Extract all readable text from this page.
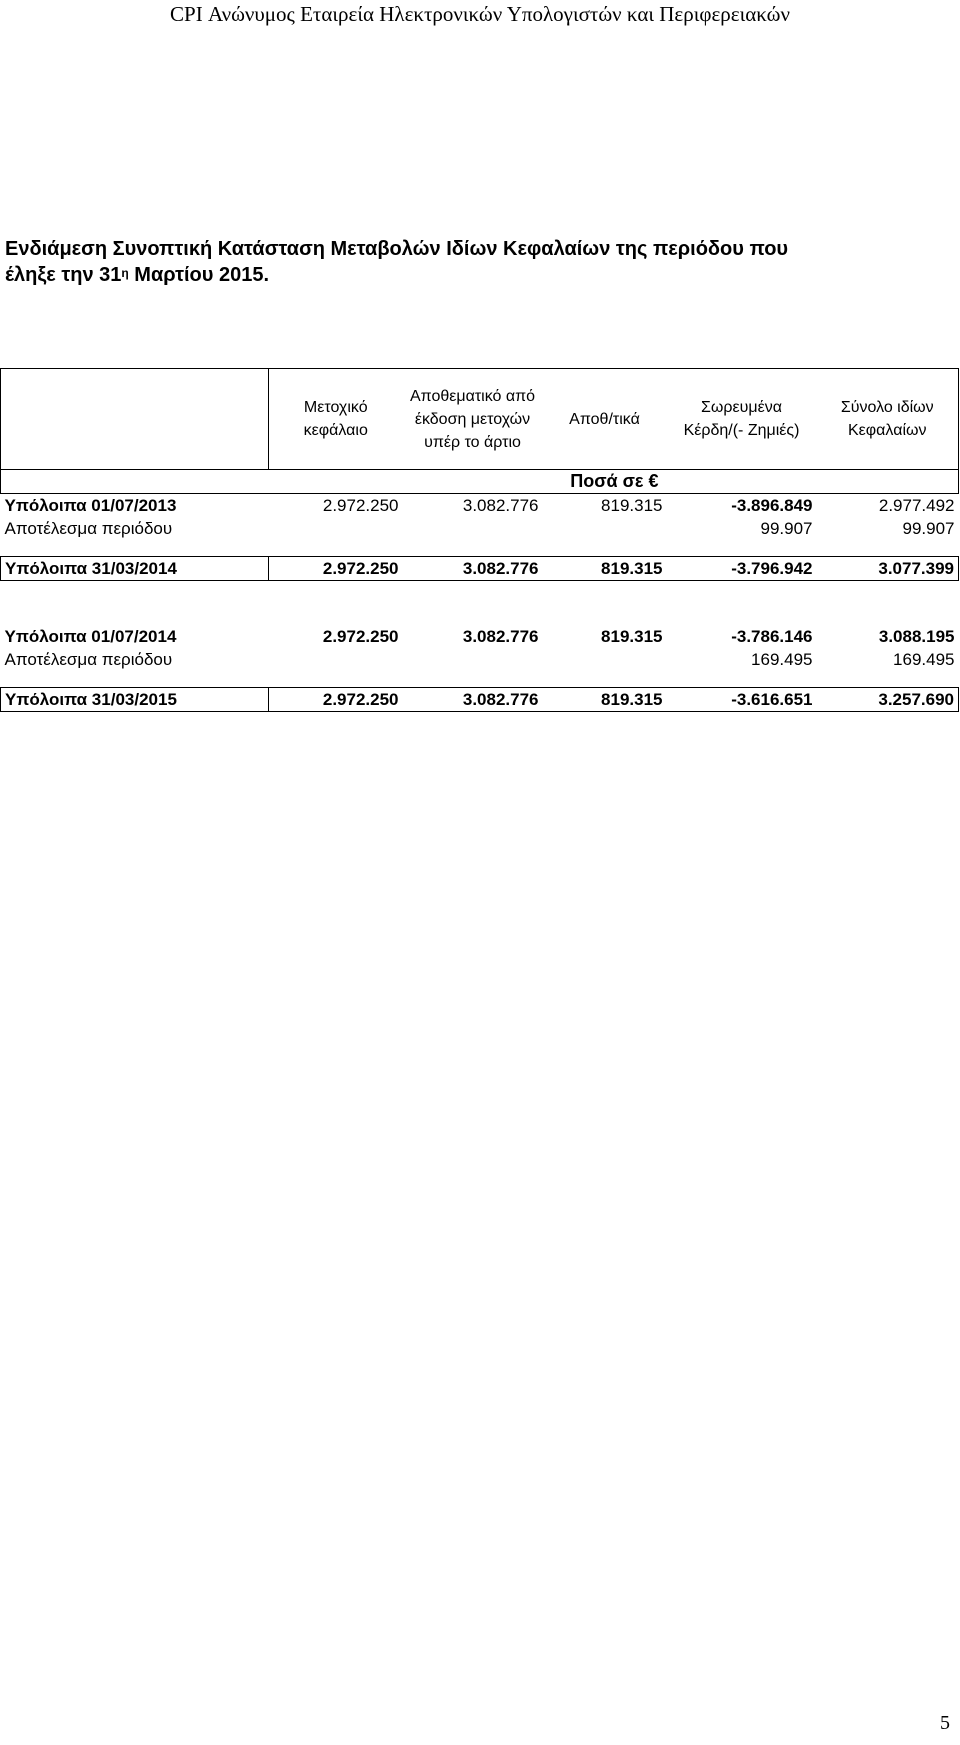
CPI Ανώνυμος Εταιρεία Ηλεκτρονικών Υπολογιστών και Περιφερειακών
Ενδιάμεση Συνοπτική Κατάσταση Μεταβολών Ιδίων Κεφαλαίων της περιόδου που
έληξε την $31^\eta$ Μαρτίου 2015.
	Μετοχικό κεφάλαιο	Αποθεματικό από έκδοση μετοχών υπέρ το άρτιο	Αποθ/τικά	Σωρευμένα Κέρδη/(- Ζημιές)	Σύνολο ιδίων Κεφαλαίων
		Ποσά σε €			
Υπόλοιπα 01/07/2013	2.972.250	3.082.776	819.315	-3.896.849	2.977.492
Αποτέλεσμα περιόδου				99.907	99.907

Υπόλοιπα 31/03/2014	2.972.250	3.082.776	819.315	-3.796.942	3.077.399

Υπόλοιπα 01/07/2014	2.972.250	3.082.776	819.315	-3.786.146	3.088.195
Αποτέλεσμα περιόδου				169.495	169.495

Υπόλοιπα 31/03/2015	2.972.250	3.082.776	819.315	-3.616.651	3.257.690
5
